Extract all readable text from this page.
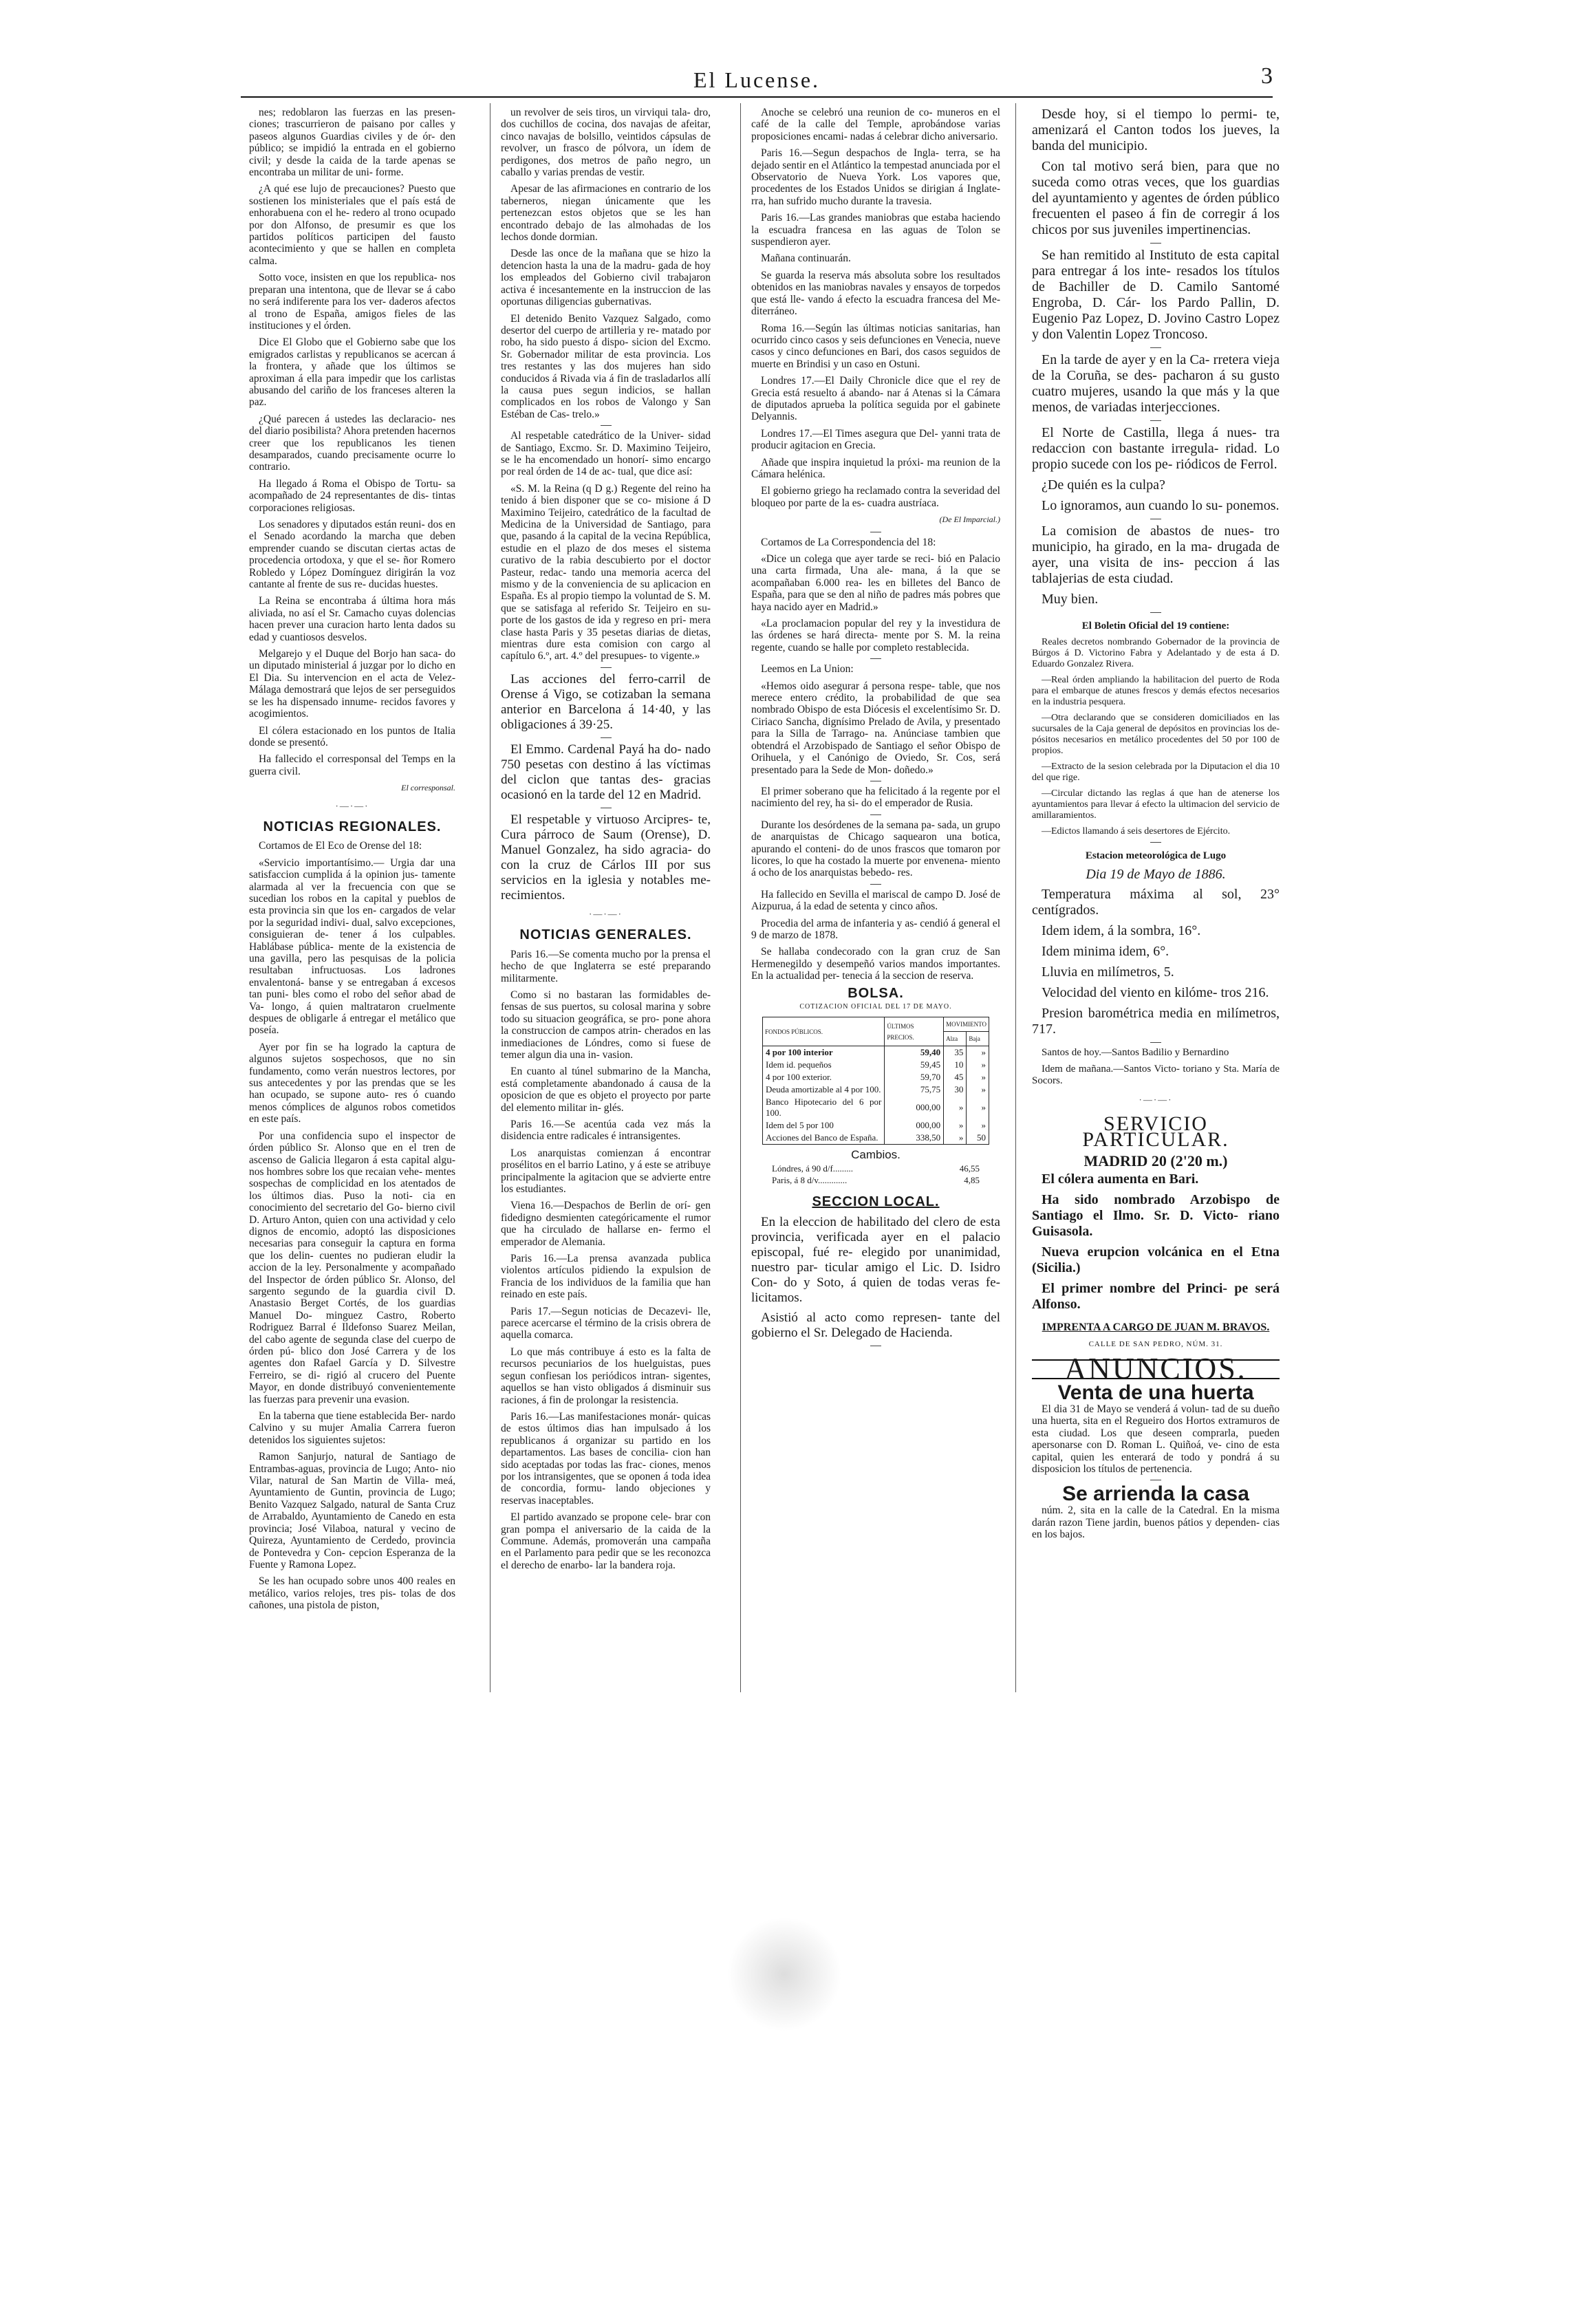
El Lucense.	3

nes; redoblaron las fuerzas en las presen- ciones; trascurrieron de paisano por calles y paseos algunos Guardias civiles y de ór- den público; se impidió la entrada en el gobierno civil; y desde la caida de la tarde apenas se encontraba un militar de uni- forme.

¿A qué ese lujo de precauciones? Puesto que sostienen los ministeriales que el país está de enhorabuena con el he- redero al trono ocupado por don Alfonso, de presumir es que los partidos políticos participen del fausto acontecimiento y que se hallen en completa calma.

Sotto voce, insisten en que los republica- nos preparan una intentona, que de llevar se á cabo no será indiferente para los ver- daderos afectos al trono de España, amigos fieles de las instituciones y el órden.

Dice El Globo que el Gobierno sabe que los emigrados carlistas y republicanos se acercan á la frontera, y añade que los últimos se aproximan á ella para impedir que los carlistas abusando del cariño de los franceses alteren la paz.

¿Qué parecen á ustedes las declaracio- nes del diario posibilista? Ahora pretenden hacernos creer que los republicanos les tienen desamparados, cuando precisamente ocurre lo contrario.

Ha llegado á Roma el Obispo de Tortu- sa acompañado de 24 representantes de dis- tintas corporaciones religiosas.

Los senadores y diputados están reuni- dos en el Senado acordando la marcha que deben emprender cuando se discutan ciertas actas de procedencia ortodoxa, y que el se- ñor Romero Robledo y López Domínguez dirigirán la voz cantante al frente de sus re- ducidas huestes.

La Reina se encontraba á última hora más aliviada, no así el Sr. Camacho cuyas dolencias hacen prever una curacion harto lenta dados su edad y cuantiosos desvelos.

Melgarejo y el Duque del Borjo han saca- do un diputado ministerial á juzgar por lo dicho en El Dia. Su intervencion en el acta de Velez-Málaga demostrará que lejos de ser perseguidos se les ha dispensado innume- recidos favores y acogimientos.

El cólera estacionado en los puntos de Italia donde se presentó.

Ha fallecido el corresponsal del Temps en la guerra civil.

El corresponsal.
·—·—·
NOTICIAS REGIONALES.

Cortamos de El Eco de Orense del 18:

«Servicio importantísimo.— Urgia dar una satisfaccion cumplida á la opinion jus- tamente alarmada al ver la frecuencia con que se sucedian los robos en la capital y pueblos de esta provincia sin que los en- cargados de velar por la seguridad indivi- dual, salvo excepciones, consiguieran de- tener á los culpables. Hablábase pública- mente de la existencia de una gavilla, pero las pesquisas de la policia resultaban infructuosas. Los ladrones envalentoná- banse y se entregaban á excesos tan puni- bles como el robo del señor abad de Va- longo, á quien maltrataron cruelmente despues de obligarle á entregar el metálico que poseía.

Ayer por fin se ha logrado la captura de algunos sujetos sospechosos, que no sin fundamento, como verán nuestros lectores, por sus antecedentes y por las prendas que se les han ocupado, se supone auto- res ó cuando menos cómplices de algunos robos cometidos en este país.

Por una confidencia supo el inspector de órden público Sr. Alonso que en el tren de ascenso de Galicia llegaron á esta capital algu- nos hombres sobre los que recaian vehe- mentes sospechas de complicidad en los atentados de los últimos dias. Puso la noti- cia en conocimiento del secretario del Go- bierno civil D. Arturo Anton, quien con una actividad y celo dignos de encomio, adoptó las disposiciones necesarias para conseguir la captura en forma que los delin- cuentes no pudieran eludir la accion de la ley. Personalmente y acompañado del Inspector de órden público Sr. Alonso, del sargento segundo de la guardia civil D. Anastasio Berget Cortés, de los guardias Manuel Do- minguez Castro, Roberto Rodriguez Barral é Ildefonso Suarez Meilan, del cabo agente de segunda clase del cuerpo de órden pú- blico don José Carrera y de los agentes don Rafael García y D. Silvestre Ferreiro, se di- rigió al crucero del Puente Mayor, en donde distribuyó convenientemente las fuerzas para prevenir una evasion.

En la taberna que tiene establecida Ber- nardo Calvino y su mujer Amalia Carrera fueron detenidos los siguientes sujetos:

Ramon Sanjurjo, natural de Santiago de Entrambas-aguas, provincia de Lugo; Anto- nio Vilar, natural de San Martin de Villa- meá, Ayuntamiento de Guntin, provincia de Lugo; Benito Vazquez Salgado, natural de Santa Cruz de Arrabaldo, Ayuntamiento de Canedo en esta provincia; José Vilaboa, natural y vecino de Quireza, Ayuntamiento de Cerdedo, provincia de Pontevedra y Con- cepcion Esperanza de la Fuente y Ramona Lopez.

Se les han ocupado sobre unos 400 reales en metálico, varios relojes, tres pis- tolas de dos cañones, una pistola de piston,

un revolver de seis tiros, un virviqui tala- dro, dos cuchillos de cocina, dos navajas de afeitar, cinco navajas de bolsillo, veintidos cápsulas de revolver, un frasco de pólvora, un ídem de perdigones, dos metros de paño negro, un caballo y varias prendas de vestir.

Apesar de las afirmaciones en contrario de los taberneros, niegan únicamente que les pertenezcan estos objetos que se les han encontrado debajo de las almohadas de los lechos donde dormian.

Desde las once de la mañana que se hizo la detencion hasta la una de la madru- gada de hoy los empleados del Gobierno civil trabajaron activa é incesantemente en la instruccion de las oportunas diligencias gubernativas.

El detenido Benito Vazquez Salgado, como desertor del cuerpo de artilleria y re- matado por robo, ha sido puesto á dispo- sicion del Excmo. Sr. Gobernador militar de esta provincia. Los tres restantes y las dos mujeres han sido conducidos á Rivada via á fin de trasladarlos allí la causa pues segun indicios, se hallan complicados en los robos de Valongo y San Estéban de Cas- trelo.»

Al respetable catedrático de la Univer- sidad de Santiago, Excmo. Sr. D. Maximino Teijeiro, se le ha encomendado un honorí- simo encargo por real órden de 14 de ac- tual, que dice así:

«S. M. la Reina (q D g.) Regente del reino ha tenido á bien disponer que se co- misione á D Maximino Teijeiro, catedrático de la facultad de Medicina de la Universidad de Santiago, para que, pasando á la capital de la vecina República, estudie en el plazo de dos meses el sistema curativo de la rabia descubierto por el doctor Pasteur, redac- tando una memoria acerca del mismo y de la conveniencia de su aplicacion en España. Es al propio tiempo la voluntad de S. M. que se satisfaga al referido Sr. Teijeiro en su- porte de los gastos de ida y regreso en pri- mera clase hasta Paris y 35 pesetas diarias de dietas, mientras dure esta comision con cargo al capítulo 6.º, art. 4.º del presupues- to vigente.»

Las acciones del ferro-carril de Orense á Vigo, se cotizaban la semana anterior en Barcelona á 14·40, y las obligaciones á 39·25.

El Emmo. Cardenal Payá ha do- nado 750 pesetas con destino á las víctimas del ciclon que tantas des- gracias ocasionó en la tarde del 12 en Madrid.

El respetable y virtuoso Arcipres- te, Cura párroco de Saum (Orense), D. Manuel Gonzalez, ha sido agracia- do con la cruz de Cárlos III por sus servicios en la iglesia y notables me- recimientos.

·—·—·
NOTICIAS GENERALES.

Paris 16.—Se comenta mucho por la prensa el hecho de que Inglaterra se esté preparando militarmente.

Como si no bastaran las formidables de- fensas de sus puertos, su colosal marina y sobre todo su situacion geográfica, se pro- pone ahora la construccion de campos atrin- cherados en las inmediaciones de Lóndres, como si fuese de temer algun dia una in- vasion.

En cuanto al túnel submarino de la Mancha, está completamente abandonado á causa de la oposicion de que es objeto el proyecto por parte del elemento militar in- glés.

Paris 16.—Se acentúa cada vez más la disidencia entre radicales é intransigentes.

Los anarquistas comienzan á encontrar prosélitos en el barrio Latino, y á este se atribuye principalmente la agitacion que se advierte entre los estudiantes.

Viena 16.—Despachos de Berlin de orí- gen fidedigno desmienten categóricamente el rumor que ha circulado de hallarse en- fermo el emperador de Alemania.

Paris 16.—La prensa avanzada publica violentos artículos pidiendo la expulsion de Francia de los individuos de la familia que han reinado en este país.

Paris 17.—Segun noticias de Decazevi- lle, parece acercarse el término de la crisis obrera de aquella comarca.

Lo que más contribuye á esto es la falta de recursos pecuniarios de los huelguistas, pues segun confiesan los periódicos intran- sigentes, aquellos se han visto obligados á disminuir sus raciones, á fin de prolongar la resistencia.

Paris 16.—Las manifestaciones monár- quicas de estos últimos dias han impulsado á los republicanos á organizar su partido en los departamentos. Las bases de concilia- cion han sido aceptadas por todas las frac- ciones, menos por los intransigentes, que se oponen á toda idea de concordia, formu- lando objeciones y reservas inaceptables.

El partido avanzado se propone cele- brar con gran pompa el aniversario de la caida de la Commune. Además, promoverán una campaña en el Parlamento para pedir que se les reconozca el derecho de enarbo- lar la bandera roja.

Anoche se celebró una reunion de co- muneros en el café de la calle del Temple, aprobándose varias proposiciones encami- nadas á celebrar dicho aniversario.

Paris 16.—Segun despachos de Ingla- terra, se ha dejado sentir en el Atlántico la tempestad anunciada por el Observatorio de Nueva York. Los vapores que, procedentes de los Estados Unidos se dirigian á Inglate- rra, han sufrido mucho durante la travesia.

Paris 16.—Las grandes maniobras que estaba haciendo la escuadra francesa en las aguas de Tolon se suspendieron ayer.

Mañana continuarán.

Se guarda la reserva más absoluta sobre los resultados obtenidos en las maniobras navales y ensayos de torpedos que está lle- vando á efecto la escuadra francesa del Me- diterráneo.

Roma 16.—Según las últimas noticias sanitarias, han ocurrido cinco casos y seis defunciones en Venecia, nueve casos y cinco defunciones en Bari, dos casos seguidos de muerte en Brindisi y un caso en Ostuni.

Londres 17.—El Daily Chronicle dice que el rey de Grecia está resuelto á abando- nar á Atenas si la Cámara de diputados aprueba la política seguida por el gabinete Delyannis.

Londres 17.—El Times asegura que Del- yanni trata de producir agitacion en Grecia.

Añade que inspira inquietud la próxi- ma reunion de la Cámara helénica.

El gobierno griego ha reclamado contra la severidad del bloqueo por parte de la es- cuadra austríaca.

(De El Imparcial.)

Cortamos de La Correspondencia del 18:

«Dice un colega que ayer tarde se reci- bió en Palacio una carta firmada, Una ale- mana, á la que se acompañaban 6.000 rea- les en billetes del Banco de España, para que se den al niño de padres más pobres que haya nacido ayer en Madrid.»

«La proclamacion popular del rey y la investidura de las órdenes se hará directa- mente por S. M. la reina regente, cuando se halle por completo restablecida.

Leemos en La Union:

«Hemos oido asegurar á persona respe- table, que nos merece entero crédito, la probabilidad de que sea nombrado Obispo de esta Diócesis el excelentísimo Sr. D. Ciriaco Sancha, dignísimo Prelado de Avila, y presentado para la Silla de Tarrago- na. Anúnciase tambien que obtendrá el Arzobispado de Santiago el señor Obispo de Orihuela, y el Canónigo de Oviedo, Sr. Cos, será presentado para la Sede de Mon- doñedo.»

El primer soberano que ha felicitado á la regente por el nacimiento del rey, ha si- do el emperador de Rusia.

Durante los desórdenes de la semana pa- sada, un grupo de anarquistas de Chicago saquearon una botica, apurando el conteni- do de unos frascos que tomaron por licores, lo que ha costado la muerte por envenena- miento á ocho de los anarquistas bebedo- res.

Ha fallecido en Sevilla el mariscal de campo D. José de Aizpurua, á la edad de setenta y cinco años.

Procedia del arma de infanteria y as- cendió á general el 9 de marzo de 1878.

Se hallaba condecorado con la gran cruz de San Hermenegildo y desempeñó varios mandos importantes. En la actualidad per- tenecia á la seccion de reserva.

BOLSA.
COTIZACION OFICIAL DEL 17 DE MAYO.
FONDOS PÚBLICOS.	ÚLTIMOS PRECIOS.	MOVIMIENTO	
		Alza	Baja
4 por 100 interior	59,40	35	»
Idem id. pequeños	59,45	10	»
4 por 100 exterior.	59,70	45	»
Deuda amortizable al 4 por 100.	75,75	30	»
Banco Hipotecario del 6 por 100.	000,00	»	»
Idem del 5 por 100	000,00	»	»
Acciones del Banco de España.	338,50	»	50
Cambios.
Lóndres, á 90 d/f.........	46,55
Paris, á 8 d/v.............	4,85
SECCION LOCAL.

En la eleccion de habilitado del clero de esta provincia, verificada ayer en el palacio episcopal, fué re- elegido por unanimidad, nuestro par- ticular amigo el Lic. D. Isidro Con- do y Soto, á quien de todas veras fe- licitamos.

Asistió al acto como represen- tante del gobierno el Sr. Delegado de Hacienda.

Desde hoy, si el tiempo lo permi- te, amenizará el Canton todos los jueves, la banda del municipio.

Con tal motivo será bien, para que no suceda como otras veces, que los guardias del ayuntamiento y agentes de órden público frecuenten el paseo á fin de corregir á los chicos por sus juveniles impertinencias.

Se han remitido al Instituto de esta capital para entregar á los inte- resados los títulos de Bachiller de D. Camilo Santomé Engroba, D. Cár- los Pardo Pallin, D. Eugenio Paz Lopez, D. Jovino Castro Lopez y don Valentin Lopez Troncoso.

En la tarde de ayer y en la Ca- rretera vieja de la Coruña, se des- pacharon á su gusto cuatro mujeres, usando la que más y la que menos, de variadas interjecciones.

El Norte de Castilla, llega á nues- tra redaccion con bastante irregula- ridad. Lo propio sucede con los pe- riódicos de Ferrol.

¿De quién es la culpa?

Lo ignoramos, aun cuando lo su- ponemos.

La comision de abastos de nues- tro municipio, ha girado, en la ma- drugada de ayer, una visita de ins- peccion á las tablajerias de esta ciudad.

Muy bien.

El Boletin Oficial del 19 contiene:

Reales decretos nombrando Gobernador de la provincia de Búrgos á D. Victorino Fabra y Adelantado y de esta á D. Eduardo Gonzalez Rivera.

—Real órden ampliando la habilitacion del puerto de Roda para el embarque de atunes frescos y demás efectos necesarios en la industria pesquera.

—Otra declarando que se consideren domiciliados en las sucursales de la Caja general de depósitos en provincias los de- pósitos necesarios en metálico procedentes del 50 por 100 de propios.

—Extracto de la sesion celebrada por la Diputacion el dia 10 del que rige.

—Circular dictando las reglas á que han de atenerse los ayuntamientos para llevar á efecto la ultimacion del servicio de amillaramientos.

—Edictos llamando á seis desertores de Ejército.

Estacion meteorológica de Lugo
Dia 19 de Mayo de 1886.

Temperatura máxima al sol, 23° centígrados.

Idem idem, á la sombra, 16°.

Idem minima idem, 6°.

Lluvia en milímetros, 5.

Velocidad del viento en kilóme- tros 216.

Presion barométrica media en milímetros, 717.

Santos de hoy.—Santos Badilio y Bernardino

Idem de mañana.—Santos Victo- toriano y Sta. María de Socors.

·—·—·
SERVICIO PARTICULAR.
MADRID 20 (2'20 m.)

El cólera aumenta en Bari.

Ha sido nombrado Arzobispo de Santiago el Ilmo. Sr. D. Victo- riano Guisasola.

Nueva erupcion volcánica en el Etna (Sicilia.)

El primer nombre del Princi- pe será Alfonso.

IMPRENTA A CARGO DE JUAN M. BRAVOS.
CALLE DE SAN PEDRO, NÚM. 31.
ANUNCIOS.
Venta de una huerta

El dia 31 de Mayo se venderá á volun- tad de su dueño una huerta, sita en el Regueiro dos Hortos extramuros de esta ciudad. Los que deseen comprarla, pueden apersonarse con D. Roman L. Quiñoá, ve- cino de esta capital, quien les enterará de todo y pondrá á su disposicion los títulos de pertenencia.

Se arrienda la casa

núm. 2, sita en la calle de la Catedral. En la misma darán razon Tiene jardin, buenos pátios y dependen- cias en los bajos.
